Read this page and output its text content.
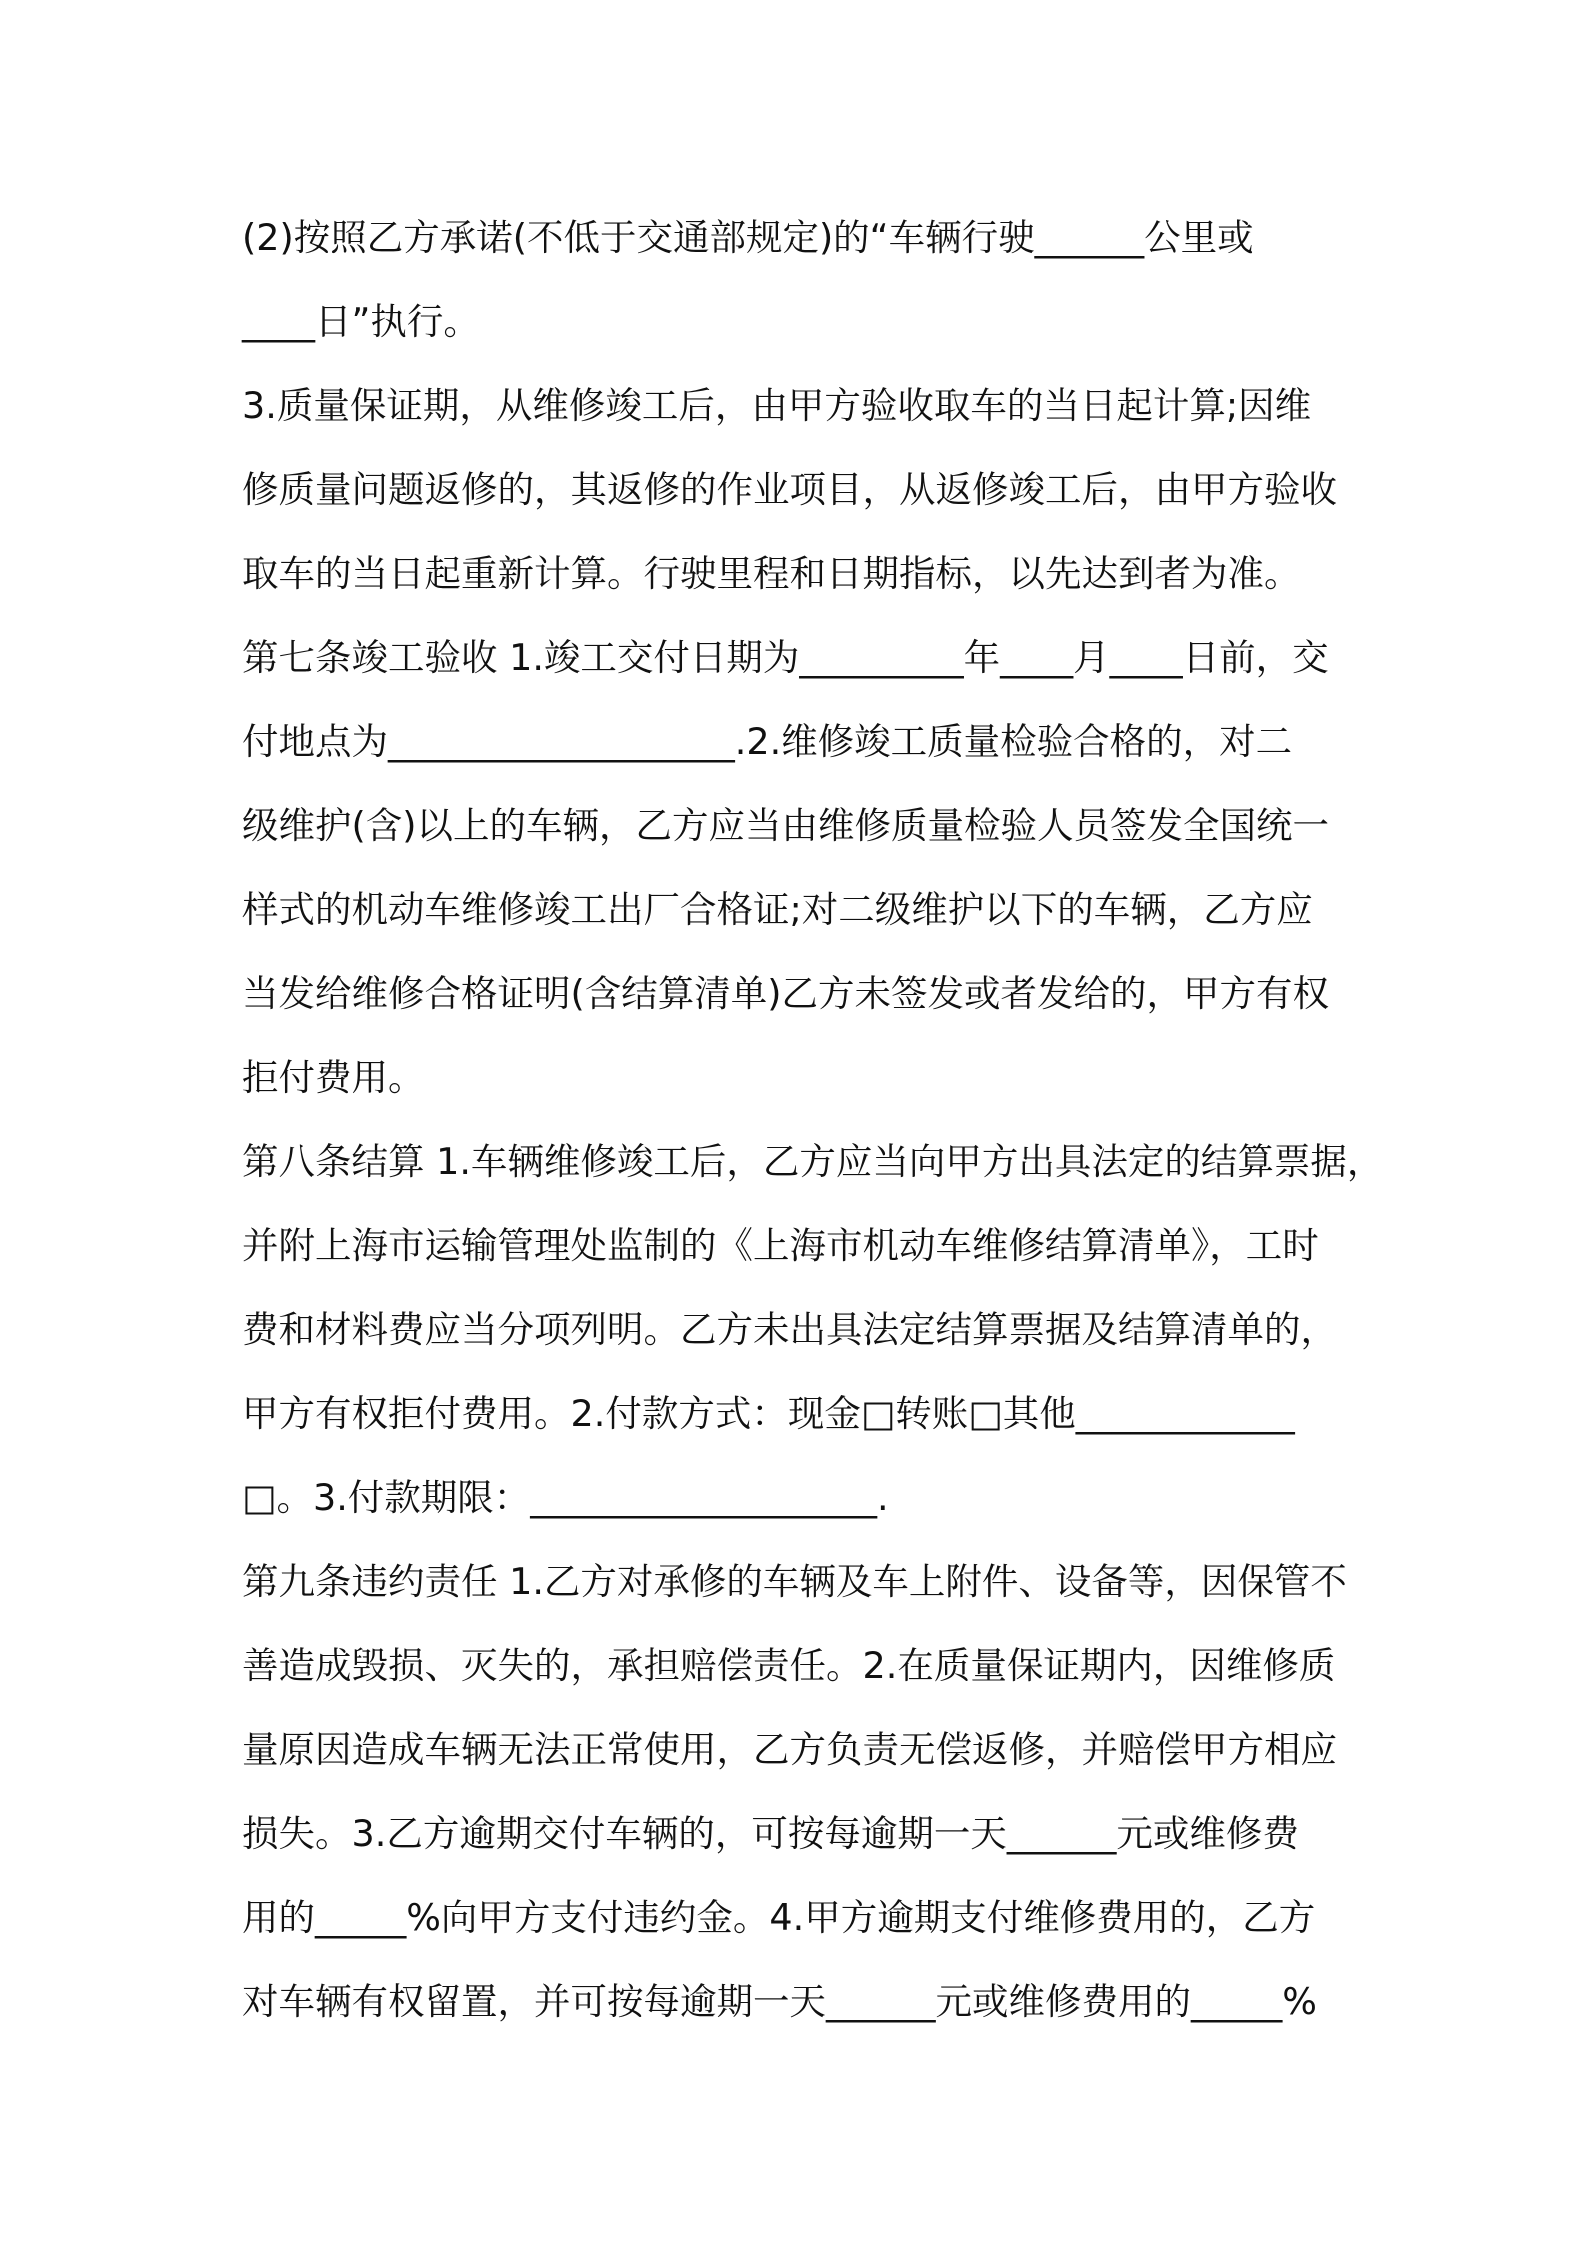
(2)按照乙方承诺(不低于交通部规定)的“车辆行驶______公里或
____日”执行。
3.质量保证期，从维修竣工后，由甲方验收取车的当日起计算;因维
修质量问题返修的，其返修的作业项目，从返修竣工后，由甲方验收
取车的当日起重新计算。行驶里程和日期指标，以先达到者为准。
第七条竣工验收 1.竣工交付日期为_________年____月____日前，交
付地点为___________________.2.维修竣工质量检验合格的，对二
级维护(含)以上的车辆，乙方应当由维修质量检验人员签发全国统一
样式的机动车维修竣工出厂合格证;对二级维护以下的车辆，乙方应
当发给维修合格证明(含结算清单)乙方未签发或者发给的，甲方有权
拒付费用。
第八条结算 1.车辆维修竣工后，乙方应当向甲方出具法定的结算票据，
并附上海市运输管理处监制的《上海市机动车维修结算清单》，工时
费和材料费应当分项列明。乙方未出具法定结算票据及结算清单的，
甲方有权拒付费用。2.付款方式：现金□转账□其他____________
□。3.付款期限：___________________.
第九条违约责任 1.乙方对承修的车辆及车上附件、设备等，因保管不
善造成毁损、灭失的，承担赔偿责任。2.在质量保证期内，因维修质
量原因造成车辆无法正常使用，乙方负责无偿返修，并赔偿甲方相应
损失。3.乙方逾期交付车辆的，可按每逾期一天______元或维修费
用的_____%向甲方支付违约金。4.甲方逾期支付维修费用的，乙方
对车辆有权留置，并可按每逾期一天______元或维修费用的_____%
